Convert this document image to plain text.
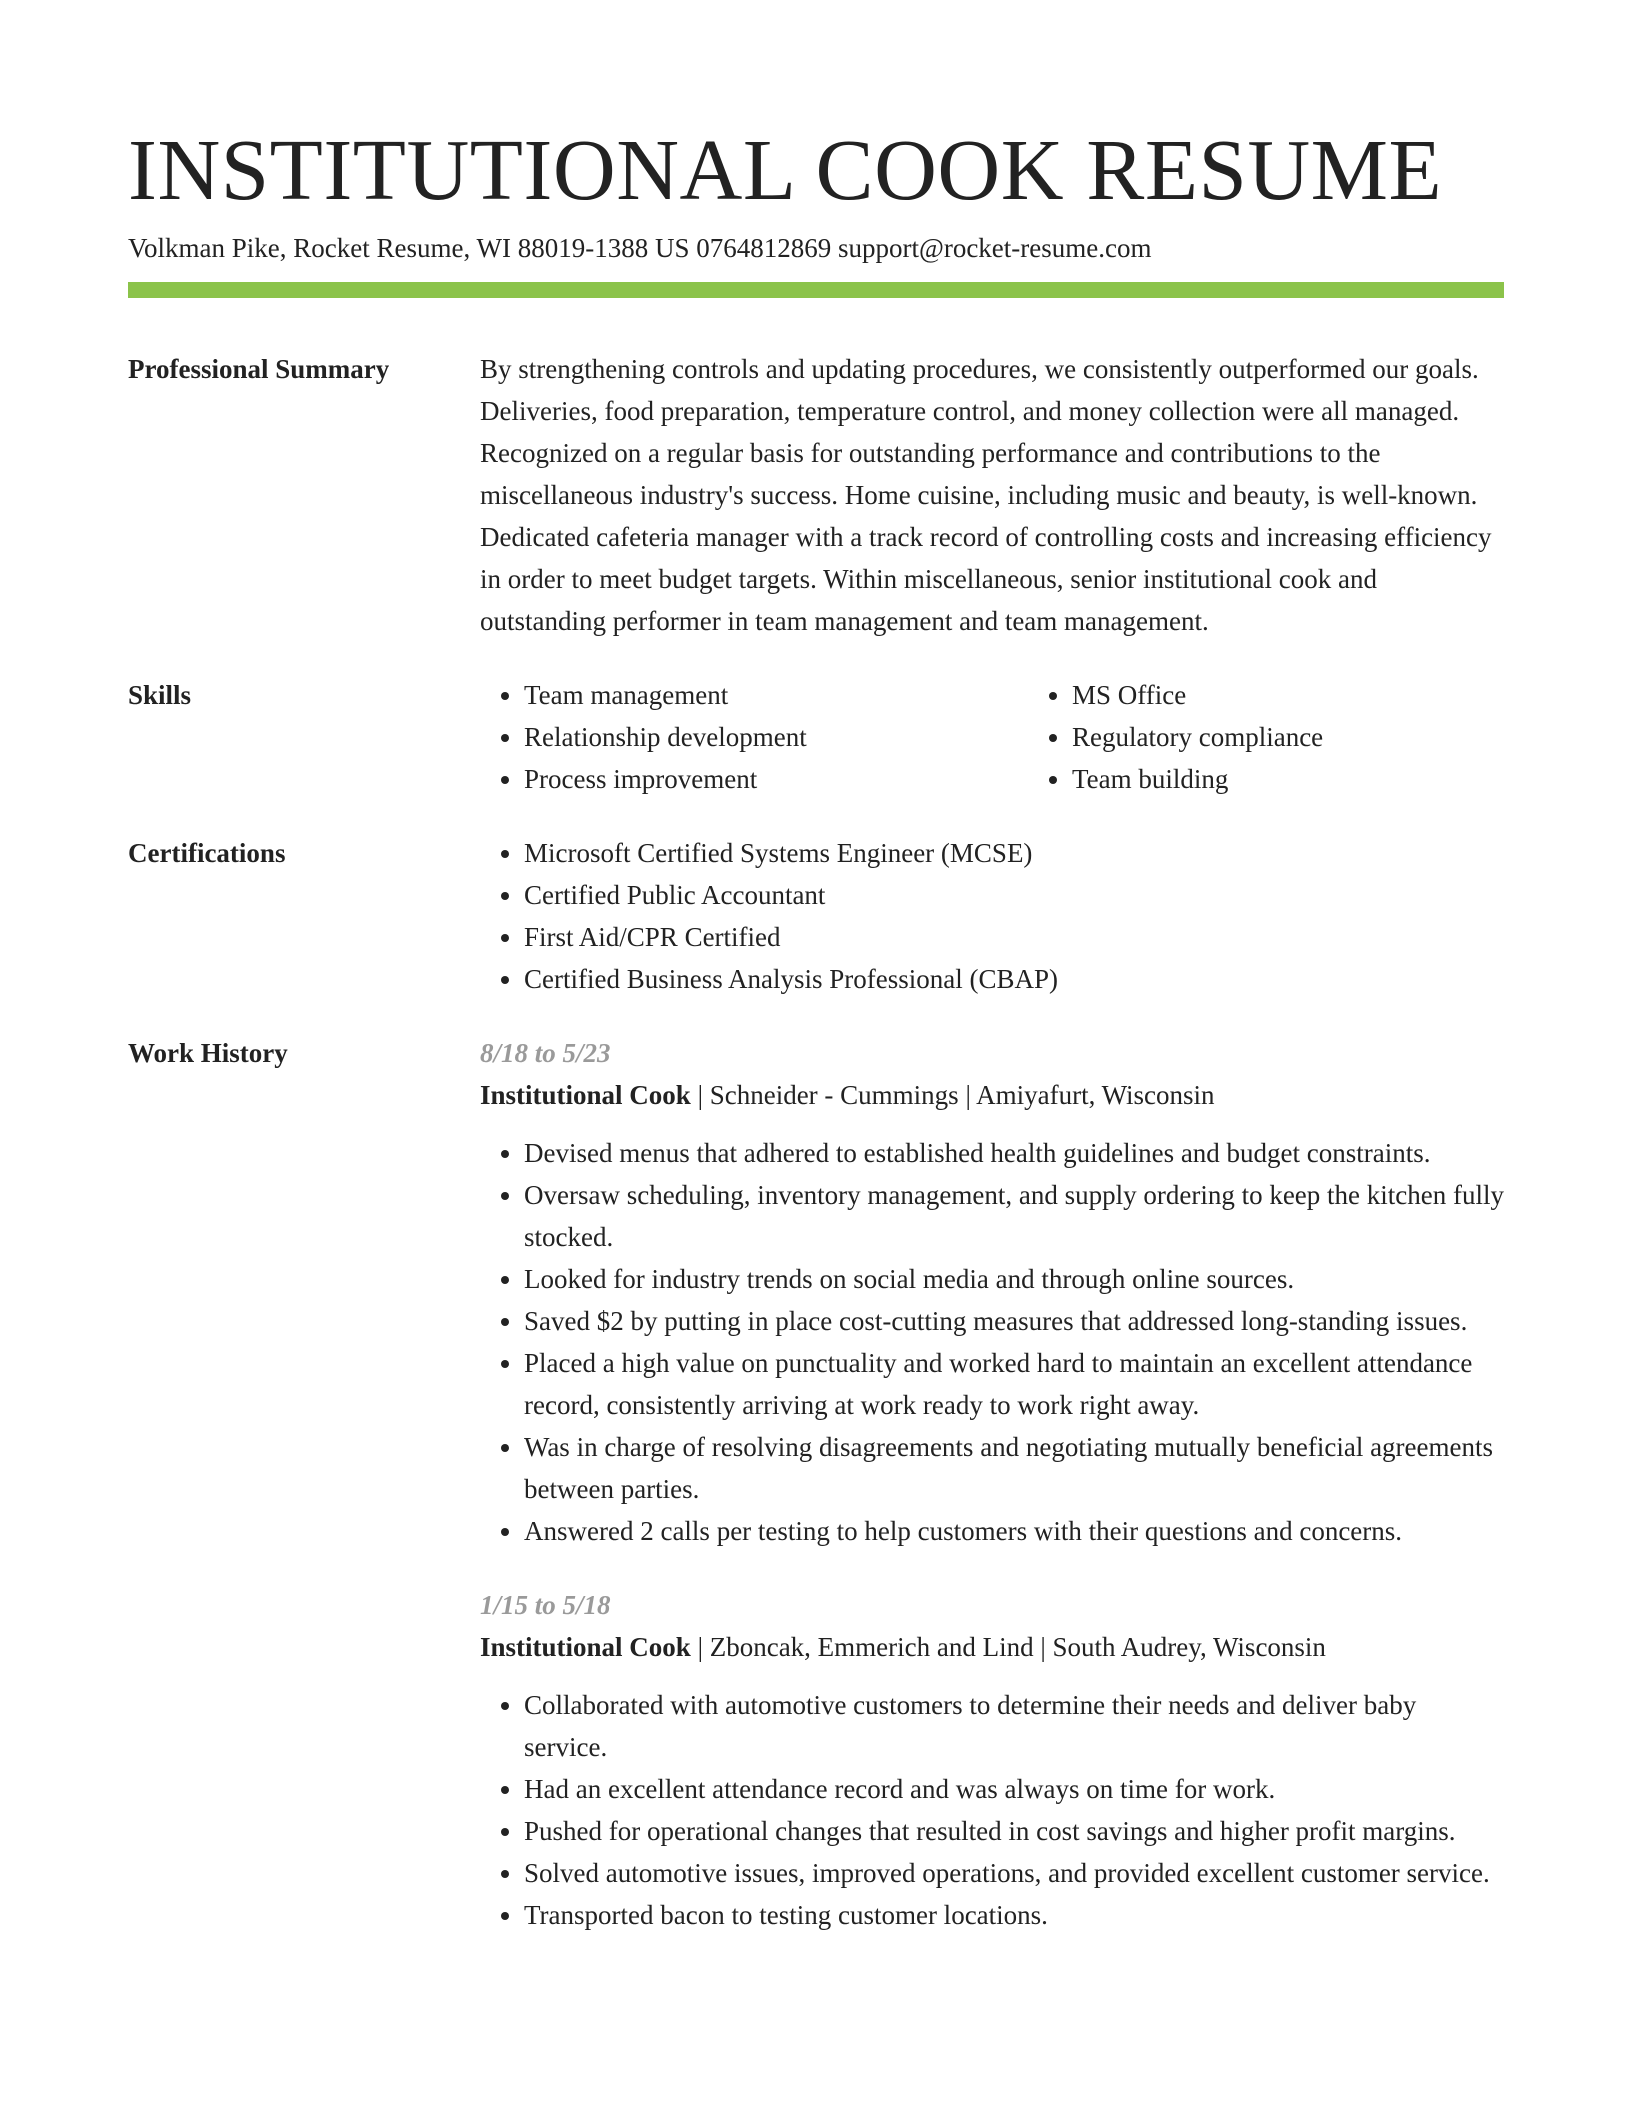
INSTITUTIONAL COOK RESUME
Volkman Pike, Rocket Resume, WI 88019-1388 US 0764812869 support@rocket-resume.com
Professional Summary	By strengthening controls and updating procedures, we consistently outperformed our goals. Deliveries, food preparation, temperature control, and money collection were all managed. Recognized on a regular basis for outstanding performance and contributions to the miscellaneous industry's success. Home cuisine, including music and beauty, is well-known. Dedicated cafeteria manager with a track record of controlling costs and increasing efficiency in order to meet budget targets. Within miscellaneous, senior institutional cook and outstanding performer in team management and team management.
Skills	• Team management
• Relationship development
• Process improvement
• MS Office
• Regulatory compliance
• Team building
Certifications	• Microsoft Certified Systems Engineer (MCSE)
• Certified Public Accountant
• First Aid/CPR Certified
• Certified Business Analysis Professional (CBAP)
Work History	8/18 to 5/23
Institutional Cook | Schneider - Cummings | Amiyafurt, Wisconsin
• Devised menus that adhered to established health guidelines and budget constraints.
• Oversaw scheduling, inventory management, and supply ordering to keep the kitchen fully stocked.
• Looked for industry trends on social media and through online sources.
• Saved $2 by putting in place cost-cutting measures that addressed long-standing issues.
• Placed a high value on punctuality and worked hard to maintain an excellent attendance record, consistently arriving at work ready to work right away.
• Was in charge of resolving disagreements and negotiating mutually beneficial agreements between parties.
• Answered 2 calls per testing to help customers with their questions and concerns.
1/15 to 5/18
Institutional Cook | Zboncak, Emmerich and Lind | South Audrey, Wisconsin
• Collaborated with automotive customers to determine their needs and deliver baby service.
• Had an excellent attendance record and was always on time for work.
• Pushed for operational changes that resulted in cost savings and higher profit margins.
• Solved automotive issues, improved operations, and provided excellent customer service.
• Transported bacon to testing customer locations.
